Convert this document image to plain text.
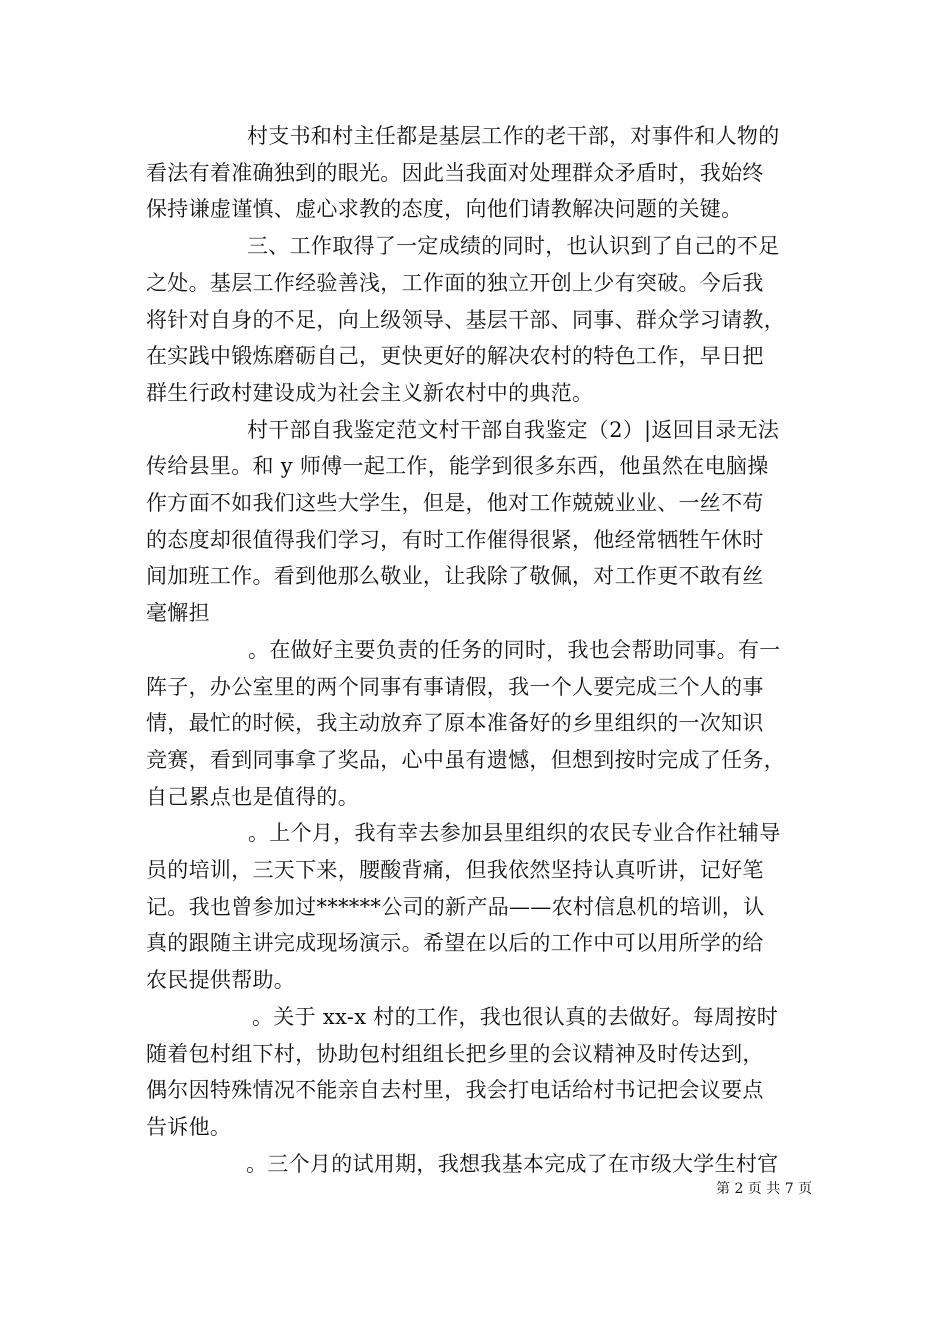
村支书和村主任都是基层工作的老干部，对事件和人物的
看法有着准确独到的眼光。因此当我面对处理群众矛盾时，我始终
保持谦虚谨慎、虚心求教的态度，向他们请教解决问题的关键。

三、工作取得了一定成绩的同时，也认识到了自己的不足
之处。基层工作经验善浅，工作面的独立开创上少有突破。今后我
将针对自身的不足，向上级领导、基层干部、同事、群众学习请教，
在实践中锻炼磨砺自己，更快更好的解决农村的特色工作，早日把
群生行政村建设成为社会主义新农村中的典范。

村干部自我鉴定范文村干部自我鉴定（2）|返回目录无法
传给县里。和 y 师傅一起工作，能学到很多东西，他虽然在电脑操
作方面不如我们这些大学生，但是，他对工作兢兢业业、一丝不苟
的态度却很值得我们学习，有时工作催得很紧，他经常牺牲午休时
间加班工作。看到他那么敬业，让我除了敬佩，对工作更不敢有丝
毫懈担

。在做好主要负责的任务的同时，我也会帮助同事。有一
阵子，办公室里的两个同事有事请假，我一个人要完成三个人的事
情，最忙的时候，我主动放弃了原本准备好的乡里组织的一次知识
竞赛，看到同事拿了奖品，心中虽有遗憾，但想到按时完成了任务，
自己累点也是值得的。

。上个月，我有幸去参加县里组织的农民专业合作社辅导
员的培训，三天下来，腰酸背痛，但我依然坚持认真听讲，记好笔
记。我也曾参加过******公司的新产品——农村信息机的培训，认
真的跟随主讲完成现场演示。希望在以后的工作中可以用所学的给
农民提供帮助。

。关于 xx-x 村的工作，我也很认真的去做好。每周按时
随着包村组下村，协助包村组组长把乡里的会议精神及时传达到，
偶尔因特殊情况不能亲自去村里，我会打电话给村书记把会议要点
告诉他。

。三个月的试用期，我想我基本完成了在市级大学生村官

第 2 页 共 7 页
